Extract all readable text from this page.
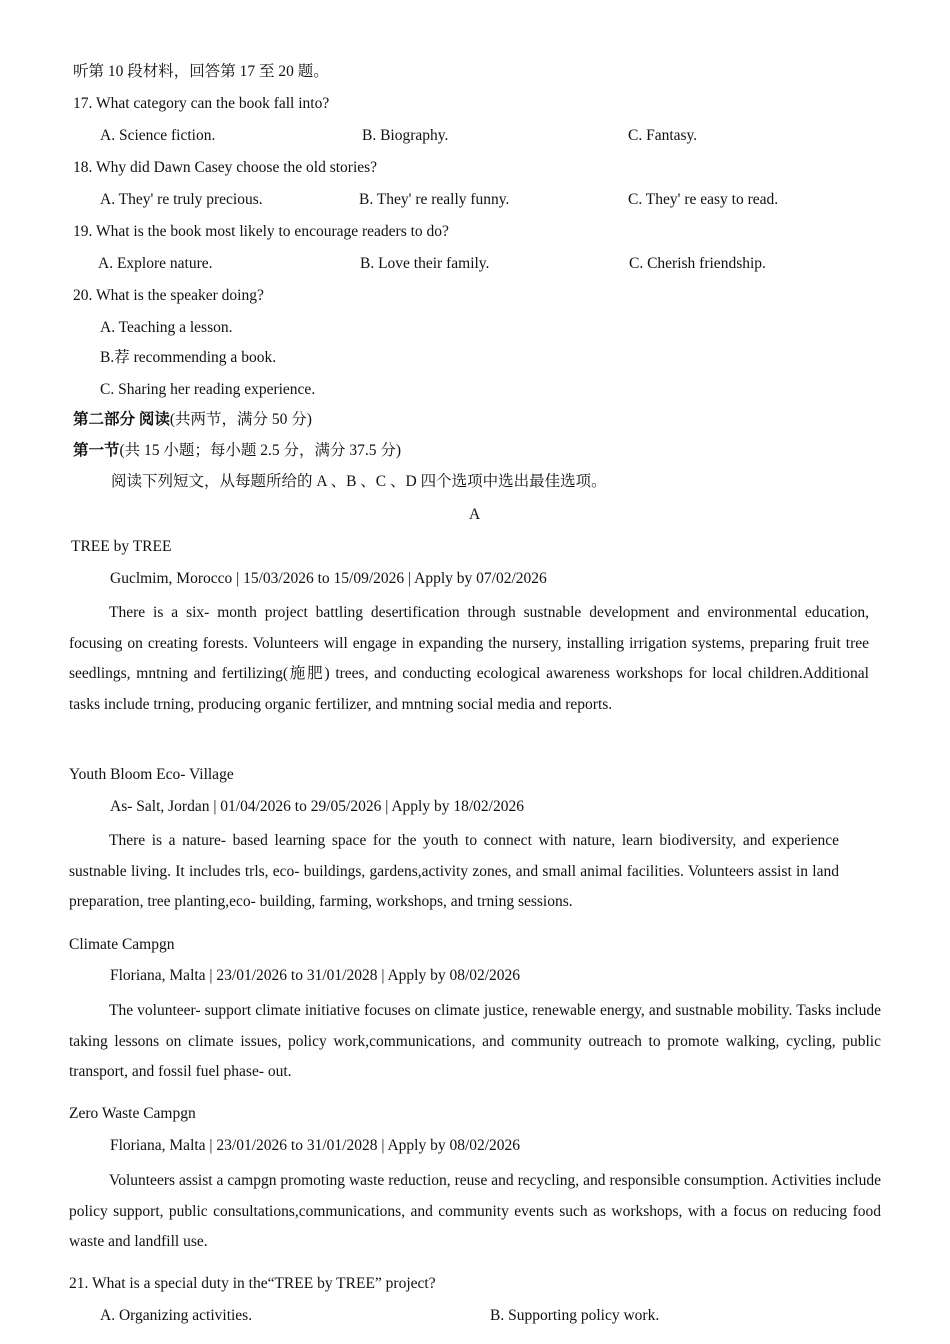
听第 10 段材料，回答第 17 至 20 题。
17. What category can the book fall into?
A. Science fiction.	B. Biography.	C. Fantasy.
18. Why did Dawn Casey choose the old stories?
A. They' re truly precious.	B. They' re really funny.	C. They' re easy to read.
19. What is the book most likely to encourage readers to do?
A. Explore nature.	B. Love their family.	C. Cherish friendship.
20. What is the speaker doing?
A. Teaching a lesson.
B.荐 recommending a book.
C. Sharing her reading experience.
第二部分 阅读(共两节，满分 50 分)
第一节(共 15 小题；每小题 2.5 分，满分 37.5 分)
阅读下列短文，从每题所给的 A 、B 、C 、D 四个选项中选出最佳选项。
A
TREE by TREE
Guclmim, Morocco | 15/03/2026 to 15/09/2026 | Apply by 07/02/2026
There is a six- month project battling desertification through sustnable development and environmental education, focusing on creating forests. Volunteers will engage in expanding the nursery, installing irrigation systems, preparing fruit tree seedlings, mntning and fertilizing(施肥) trees, and conducting ecological awareness workshops for local children.Additional tasks include trning, producing organic fertilizer, and mntning social media and reports.
Youth Bloom Eco- Village
As- Salt, Jordan | 01/04/2026 to 29/05/2026 | Apply by 18/02/2026
There is a nature- based learning space for the youth to connect with nature, learn biodiversity, and experience sustnable living. It includes trls, eco- buildings, gardens,activity zones, and small animal facilities. Volunteers assist in land preparation, tree planting,eco- building, farming, workshops, and trning sessions.
Climate Campgn
Floriana, Malta | 23/01/2026 to 31/01/2028 | Apply by 08/02/2026
The volunteer- support climate initiative focuses on climate justice, renewable energy, and sustnable mobility. Tasks include taking lessons on climate issues, policy work,communications, and community outreach to promote walking, cycling, public transport, and fossil fuel phase- out.
Zero Waste Campgn
Floriana, Malta | 23/01/2026 to 31/01/2028 | Apply by 08/02/2026
Volunteers assist a campgn promoting waste reduction, reuse and recycling, and responsible consumption. Activities include policy support, public consultations,communications, and community events such as workshops, with a focus on reducing food waste and landfill use.
21. What is a special duty in the“TREE by TREE” project?
A. Organizing activities.	B. Supporting policy work.
